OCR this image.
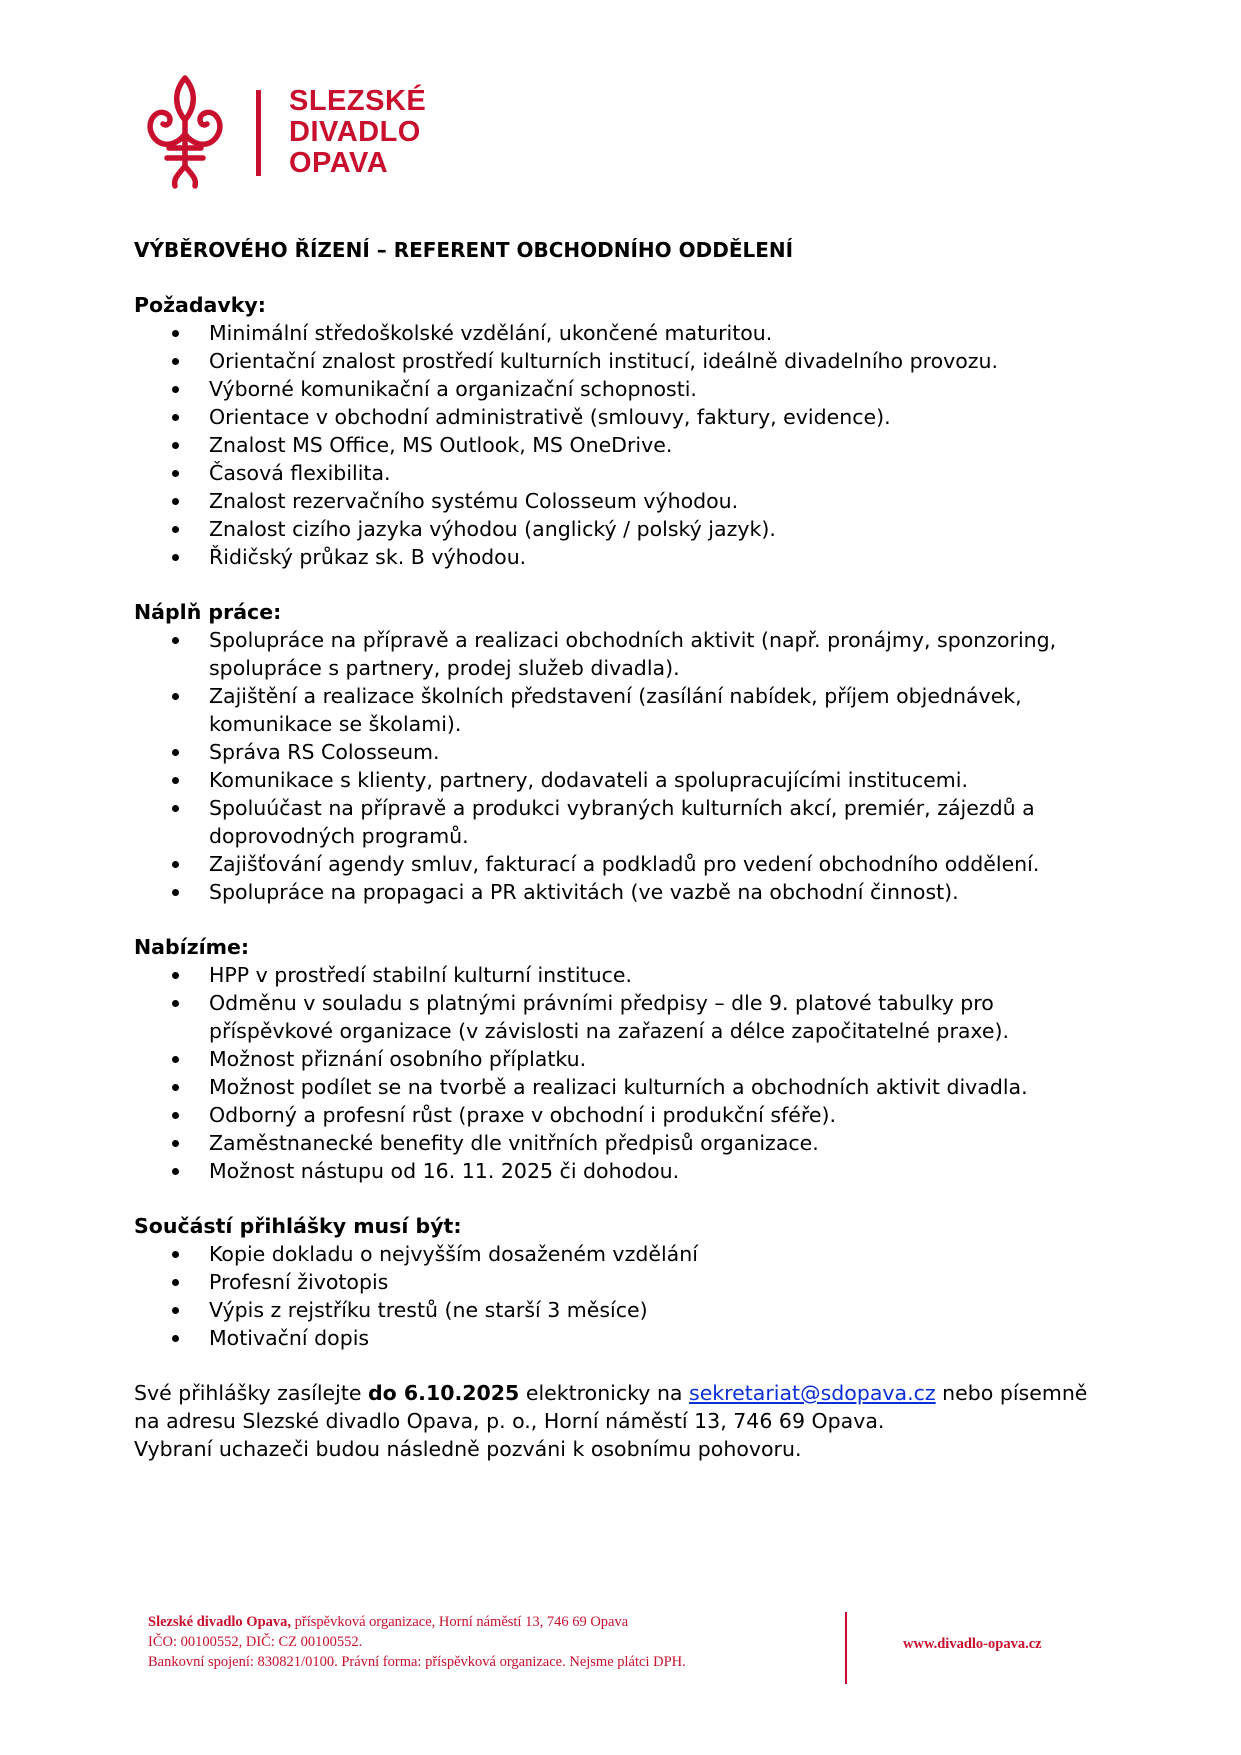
SLEZSKÉ
DIVADLO
OPAVA
VÝBĚROVÉHO ŘÍZENÍ – REFERENT OBCHODNÍHO ODDĚLENÍ
Požadavky:
Minimální středoškolské vzdělání, ukončené maturitou.
Orientační znalost prostředí kulturních institucí, ideálně divadelního provozu.
Výborné komunikační a organizační schopnosti.
Orientace v obchodní administrativě (smlouvy, faktury, evidence).
Znalost MS Office, MS Outlook, MS OneDrive.
Časová flexibilita.
Znalost rezervačního systému Colosseum výhodou.
Znalost cizího jazyka výhodou (anglický / polský jazyk).
Řidičský průkaz sk. B výhodou.
Náplň práce:
Spolupráce na přípravě a realizaci obchodních aktivit (např. pronájmy, sponzoring, spolupráce s partnery, prodej služeb divadla).
Zajištění a realizace školních představení (zasílání nabídek, příjem objednávek, komunikace se školami).
Správa RS Colosseum.
Komunikace s klienty, partnery, dodavateli a spolupracujícími institucemi.
Spoluúčast na přípravě a produkci vybraných kulturních akcí, premiér, zájezdů a doprovodných programů.
Zajišťování agendy smluv, fakturací a podkladů pro vedení obchodního oddělení.
Spolupráce na propagaci a PR aktivitách (ve vazbě na obchodní činnost).
Nabízíme:
HPP v prostředí stabilní kulturní instituce.
Odměnu v souladu s platnými právními předpisy – dle 9. platové tabulky pro příspěvkové organizace (v závislosti na zařazení a délce započitatelné praxe).
Možnost přiznání osobního příplatku.
Možnost podílet se na tvorbě a realizaci kulturních a obchodních aktivit divadla.
Odborný a profesní růst (praxe v obchodní i produkční sféře).
Zaměstnanecké benefity dle vnitřních předpisů organizace.
Možnost nástupu od 16. 11. 2025 či dohodou.
Součástí přihlášky musí být:
Kopie dokladu o nejvyšším dosaženém vzdělání
Profesní životopis
Výpis z rejstříku trestů (ne starší 3 měsíce)
Motivační dopis

Své přihlášky zasílejte do 6.10.2025 elektronicky na sekretariat@sdopava.cz nebo písemně na adresu Slezské divadlo Opava, p. o., Horní náměstí 13, 746 69 Opava.

Vybraní uchazeči budou následně pozváni k osobnímu pohovoru.

Slezské divadlo Opava, příspěvková organizace, Horní náměstí 13, 746 69 Opava
IČO: 00100552, DIČ: CZ 00100552.
Bankovní spojení: 830821/0100. Právní forma: příspěvková organizace. Nejsme plátci DPH.
www.divadlo-opava.cz
